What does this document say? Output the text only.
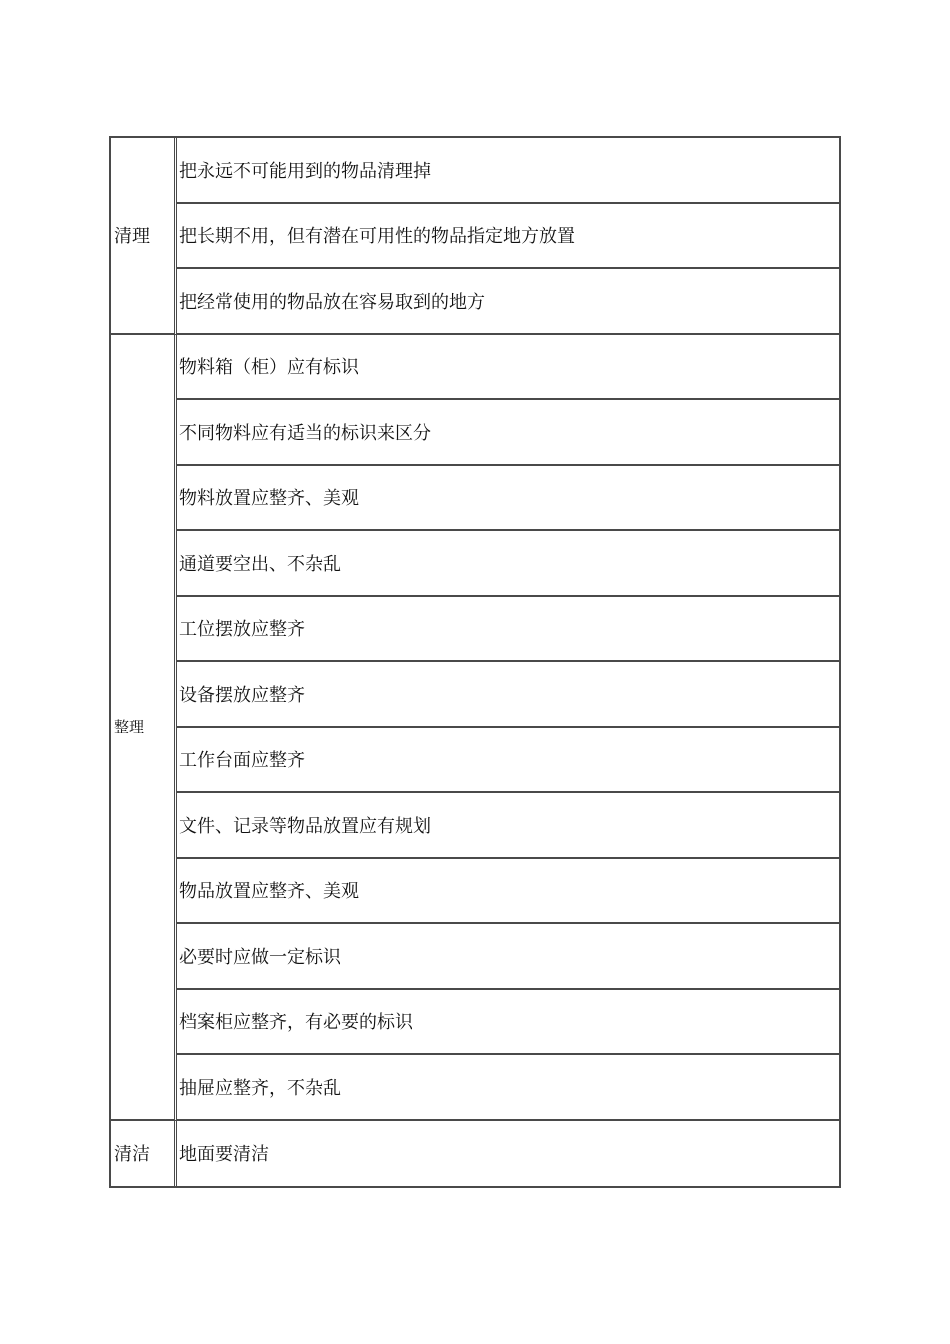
清理	把永远不可能用到的物品清理掉
	把长期不用，但有潜在可用性的物品指定地方放置
	把经常使用的物品放在容易取到的地方
整理	物料箱（柜）应有标识
	不同物料应有适当的标识来区分
	物料放置应整齐、美观
	通道要空出、不杂乱
	工位摆放应整齐
	设备摆放应整齐
	工作台面应整齐
	文件、记录等物品放置应有规划
	物品放置应整齐、美观
	必要时应做一定标识
	档案柜应整齐，有必要的标识
	抽屉应整齐，不杂乱
清洁	地面要清洁
